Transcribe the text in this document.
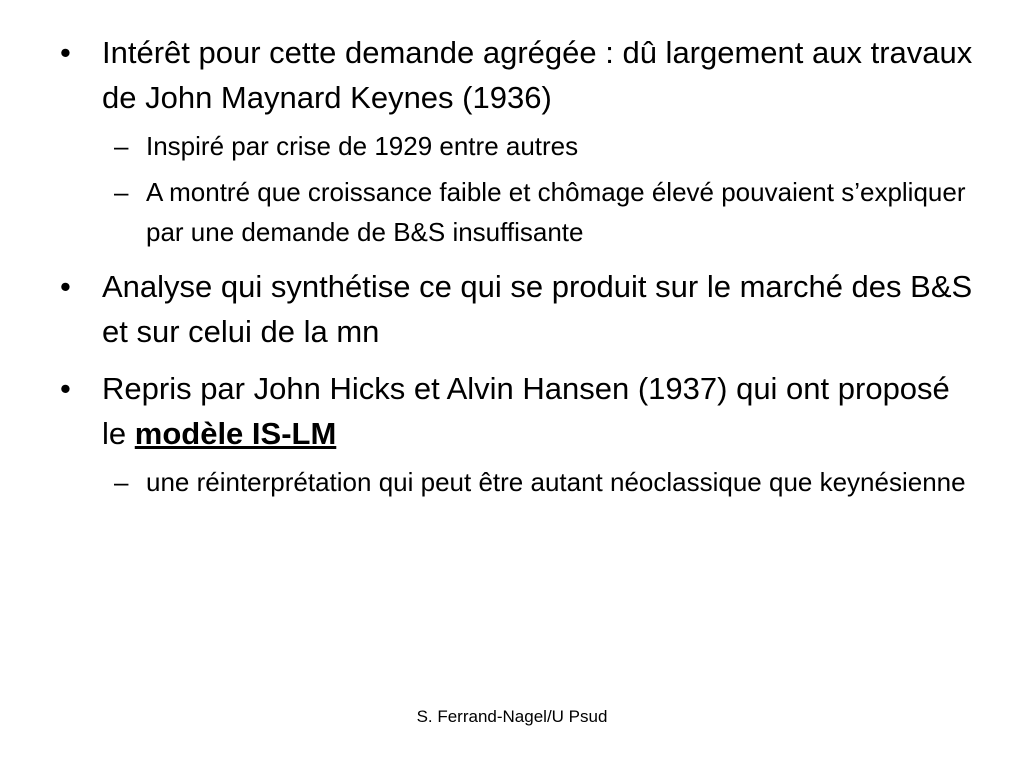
•	Intérêt pour cette demande agrégée : dû largement aux travaux de John Maynard Keynes (1936)
– Inspiré par crise de 1929 entre autres
– A montré que croissance faible et chômage élevé pouvaient s’expliquer par une demande de B&S insuffisante
•	Analyse qui synthétise ce qui se produit sur le marché des B&S et sur celui de la mn
•	Repris par John Hicks et Alvin Hansen (1937) qui ont proposé le modèle IS-LM
– une réinterprétation qui peut être autant néoclassique que keynésienne
S. Ferrand-Nagel/U Psud
